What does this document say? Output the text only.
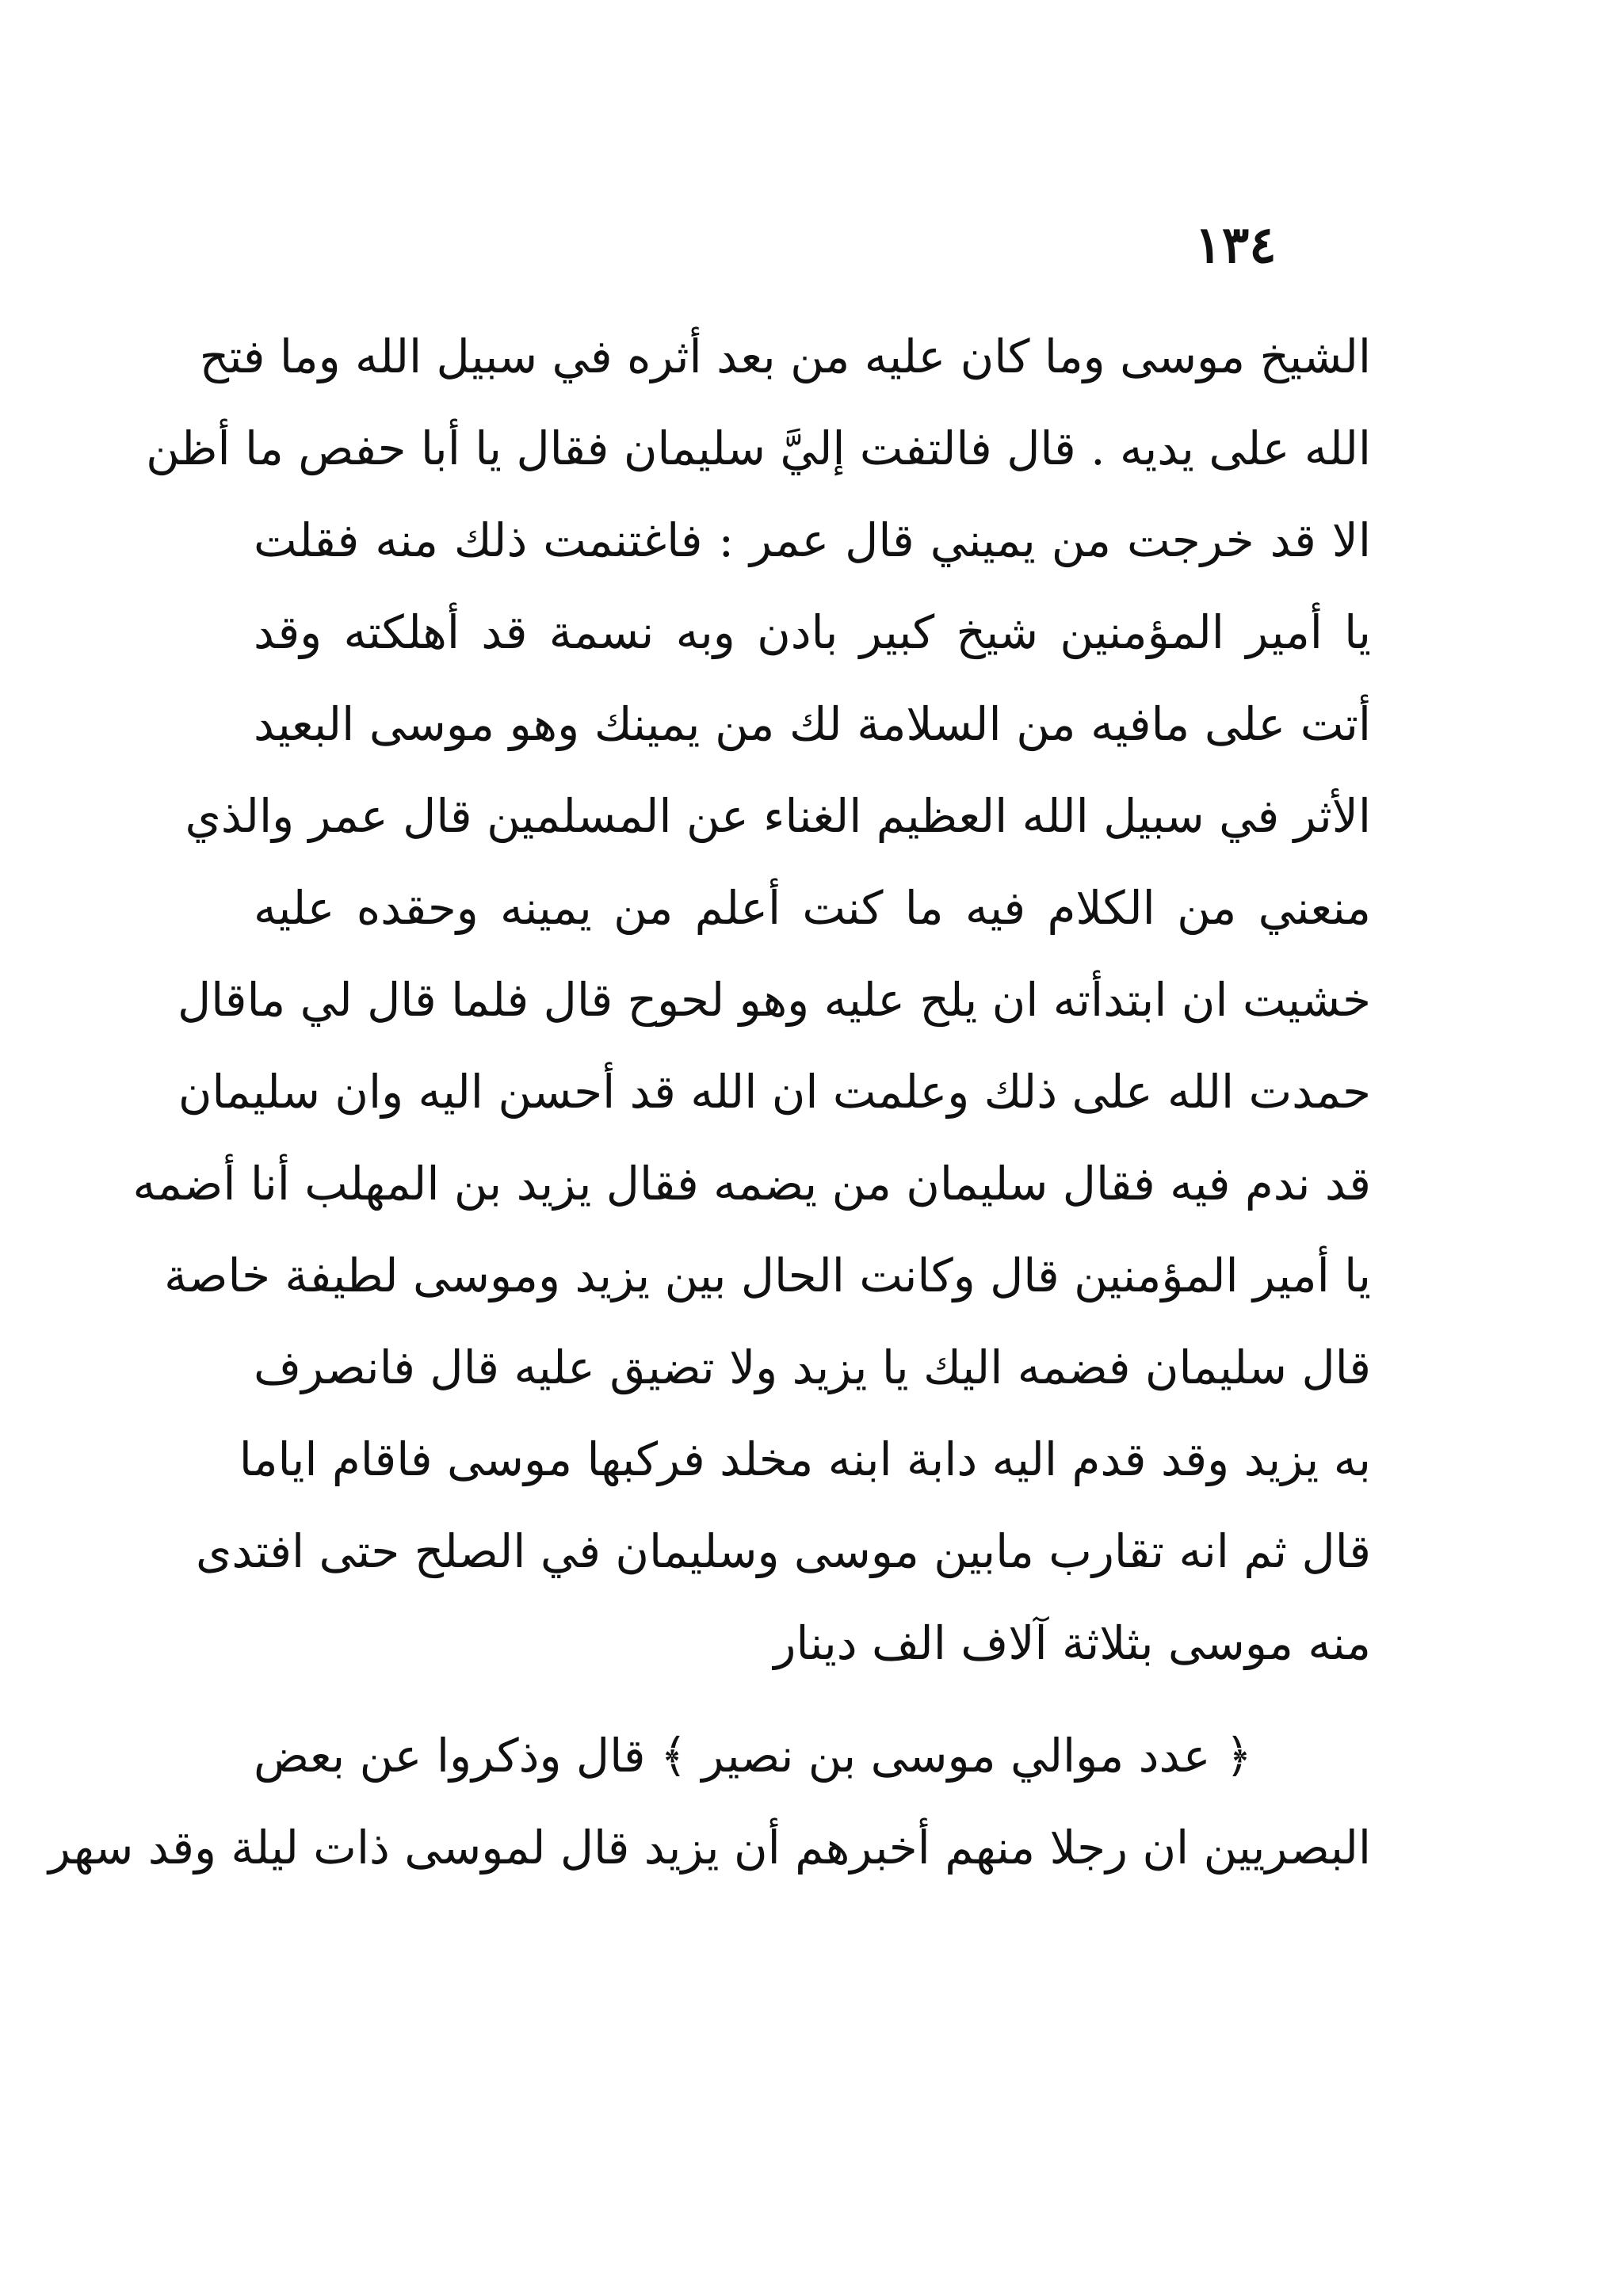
١٣٤
الشيخ موسى وما كان عليه من بعد أثره في سبيل الله وما فتح
الله على يديه . قال فالتفت إليَّ سليمان فقال يا أبا حفص ما أظن
الا قد خرجت من يميني قال عمر : فاغتنمت ذلك منه فقلت
يا أمير المؤمنين شيخ كبير بادن وبه نسمة قد أهلكته وقد
أتت على مافيه من السلامة لك من يمينك وهو موسى البعيد
الأثر في سبيل الله العظيم الغناء عن المسلمين قال عمر والذي
منعني من الكلام فيه ما كنت أعلم من يمينه وحقده عليه
خشيت ان ابتدأته ان يلح عليه وهو لحوح قال فلما قال لي ماقال
حمدت الله على ذلك وعلمت ان الله قد أحسن اليه وان سليمان
قد ندم فيه فقال سليمان من يضمه فقال يزيد بن المهلب أنا أضمه
يا أمير المؤمنين قال وكانت الحال بين يزيد وموسى لطيفة خاصة
قال سليمان فضمه اليك يا يزيد ولا تضيق عليه قال فانصرف
به يزيد وقد قدم اليه دابة ابنه مخلد فركبها موسى فاقام اياما
قال ثم انه تقارب مابين موسى وسليمان في الصلح حتى افتدى
منه موسى بثلاثة آلاف الف دينار
﴿ عدد موالي موسى بن نصير ﴾ قال وذكروا عن بعض
البصريين ان رجلا منهم أخبرهم أن يزيد قال لموسى ذات ليلة وقد سهر
